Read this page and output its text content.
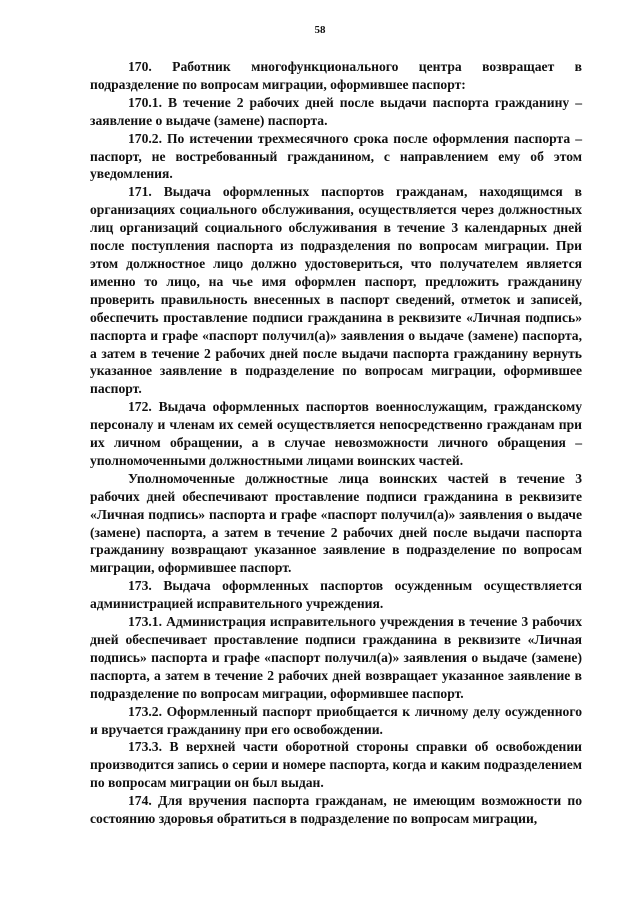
58

170. Работник многофункционального центра возвращает в подразделение по вопросам миграции, оформившее паспорт:

170.1. В течение 2 рабочих дней после выдачи паспорта гражданину – заявление о выдаче (замене) паспорта.

170.2. По истечении трехмесячного срока после оформления паспорта – паспорт, не востребованный гражданином, с направлением ему об этом уведомления.

171. Выдача оформленных паспортов гражданам, находящимся в организациях социального обслуживания, осуществляется через должностных лиц организаций социального обслуживания в течение 3 календарных дней после поступления паспорта из подразделения по вопросам миграции. При этом должностное лицо должно удостовериться, что получателем является именно то лицо, на чье имя оформлен паспорт, предложить гражданину проверить правильность внесенных в паспорт сведений, отметок и записей, обеспечить проставление подписи гражданина в реквизите «Личная подпись» паспорта и графе «паспорт получил(а)» заявления о выдаче (замене) паспорта, а затем в течение 2 рабочих дней после выдачи паспорта гражданину вернуть указанное заявление в подразделение по вопросам миграции, оформившее паспорт.

172. Выдача оформленных паспортов военнослужащим, гражданскому персоналу и членам их семей осуществляется непосредственно гражданам при их личном обращении, а в случае невозможности личного обращения – уполномоченными должностными лицами воинских частей.

Уполномоченные должностные лица воинских частей в течение 3 рабочих дней обеспечивают проставление подписи гражданина в реквизите «Личная подпись» паспорта и графе «паспорт получил(а)» заявления о выдаче (замене) паспорта, а затем в течение 2 рабочих дней после выдачи паспорта гражданину возвращают указанное заявление в подразделение по вопросам миграции, оформившее паспорт.

173. Выдача оформленных паспортов осужденным осуществляется администрацией исправительного учреждения.

173.1. Администрация исправительного учреждения в течение 3 рабочих дней обеспечивает проставление подписи гражданина в реквизите «Личная подпись» паспорта и графе «паспорт получил(а)» заявления о выдаче (замене) паспорта, а затем в течение 2 рабочих дней возвращает указанное заявление в подразделение по вопросам миграции, оформившее паспорт.

173.2. Оформленный паспорт приобщается к личному делу осужденного и вручается гражданину при его освобождении.

173.3. В верхней части оборотной стороны справки об освобождении производится запись о серии и номере паспорта, когда и каким подразделением по вопросам миграции он был выдан.

174. Для вручения паспорта гражданам, не имеющим возможности по состоянию здоровья обратиться в подразделение по вопросам миграции,
